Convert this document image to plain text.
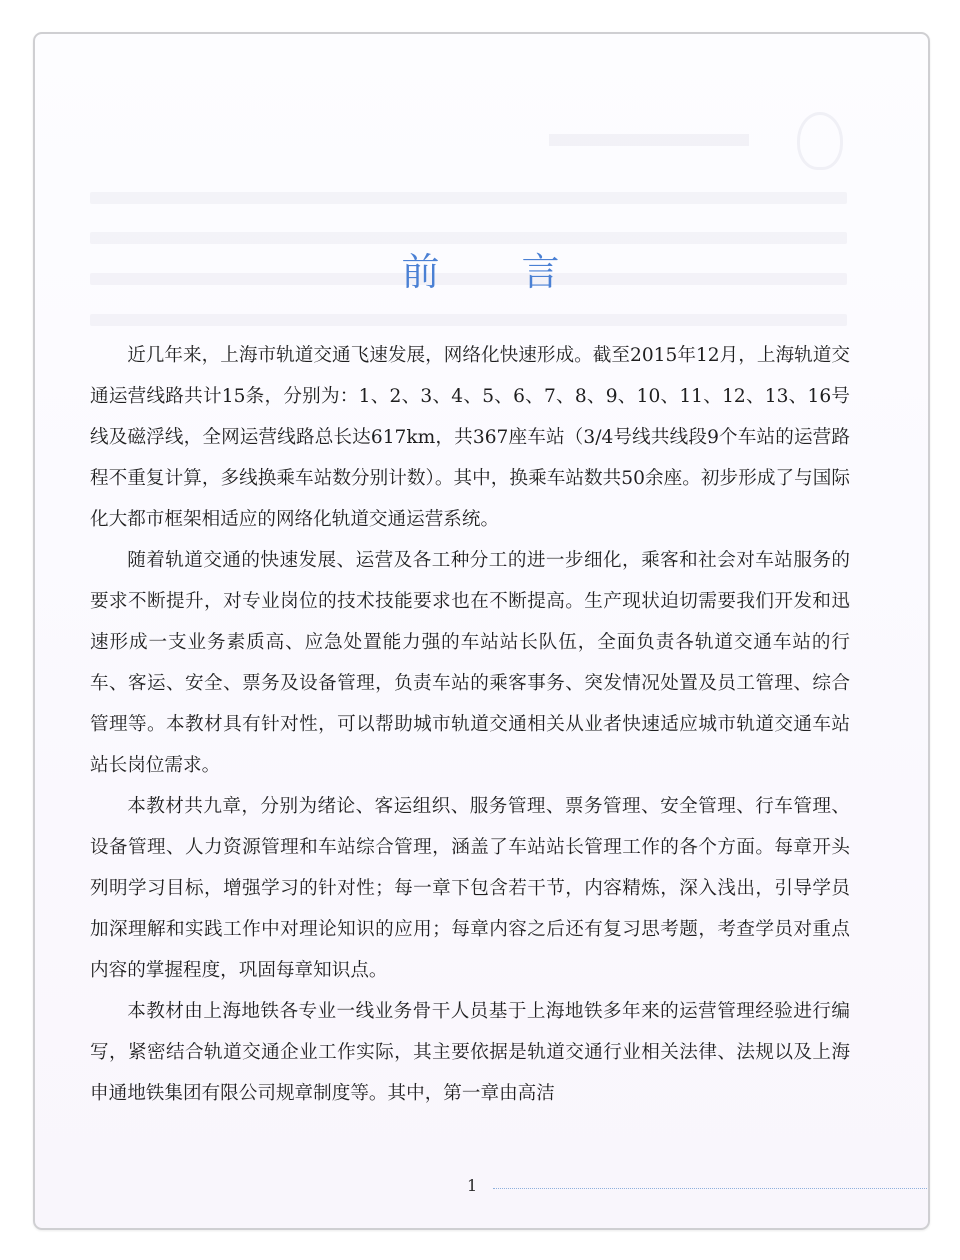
前 言

近几年来，上海市轨道交通飞速发展，网络化快速形成。截至2015年12月，上海轨道交通运营线路共计15条，分别为：1、2、3、4、5、6、7、8、9、10、11、12、13、16号线及磁浮线，全网运营线路总长达617km，共367座车站（3/4号线共线段9个车站的运营路程不重复计算，多线换乘车站数分别计数）。其中，换乘车站数共50余座。初步形成了与国际化大都市框架相适应的网络化轨道交通运营系统。

随着轨道交通的快速发展、运营及各工种分工的进一步细化，乘客和社会对车站服务的要求不断提升，对专业岗位的技术技能要求也在不断提高。生产现状迫切需要我们开发和迅速形成一支业务素质高、应急处置能力强的车站站长队伍，全面负责各轨道交通车站的行车、客运、安全、票务及设备管理，负责车站的乘客事务、突发情况处置及员工管理、综合管理等。本教材具有针对性，可以帮助城市轨道交通相关从业者快速适应城市轨道交通车站站长岗位需求。

本教材共九章，分别为绪论、客运组织、服务管理、票务管理、安全管理、行车管理、设备管理、人力资源管理和车站综合管理，涵盖了车站站长管理工作的各个方面。每章开头列明学习目标，增强学习的针对性；每一章下包含若干节，内容精炼，深入浅出，引导学员加深理解和实践工作中对理论知识的应用；每章内容之后还有复习思考题，考查学员对重点内容的掌握程度，巩固每章知识点。

本教材由上海地铁各专业一线业务骨干人员基于上海地铁多年来的运营管理经验进行编写，紧密结合轨道交通企业工作实际，其主要依据是轨道交通行业相关法律、法规以及上海申通地铁集团有限公司规章制度等。其中，第一章由高洁

1
